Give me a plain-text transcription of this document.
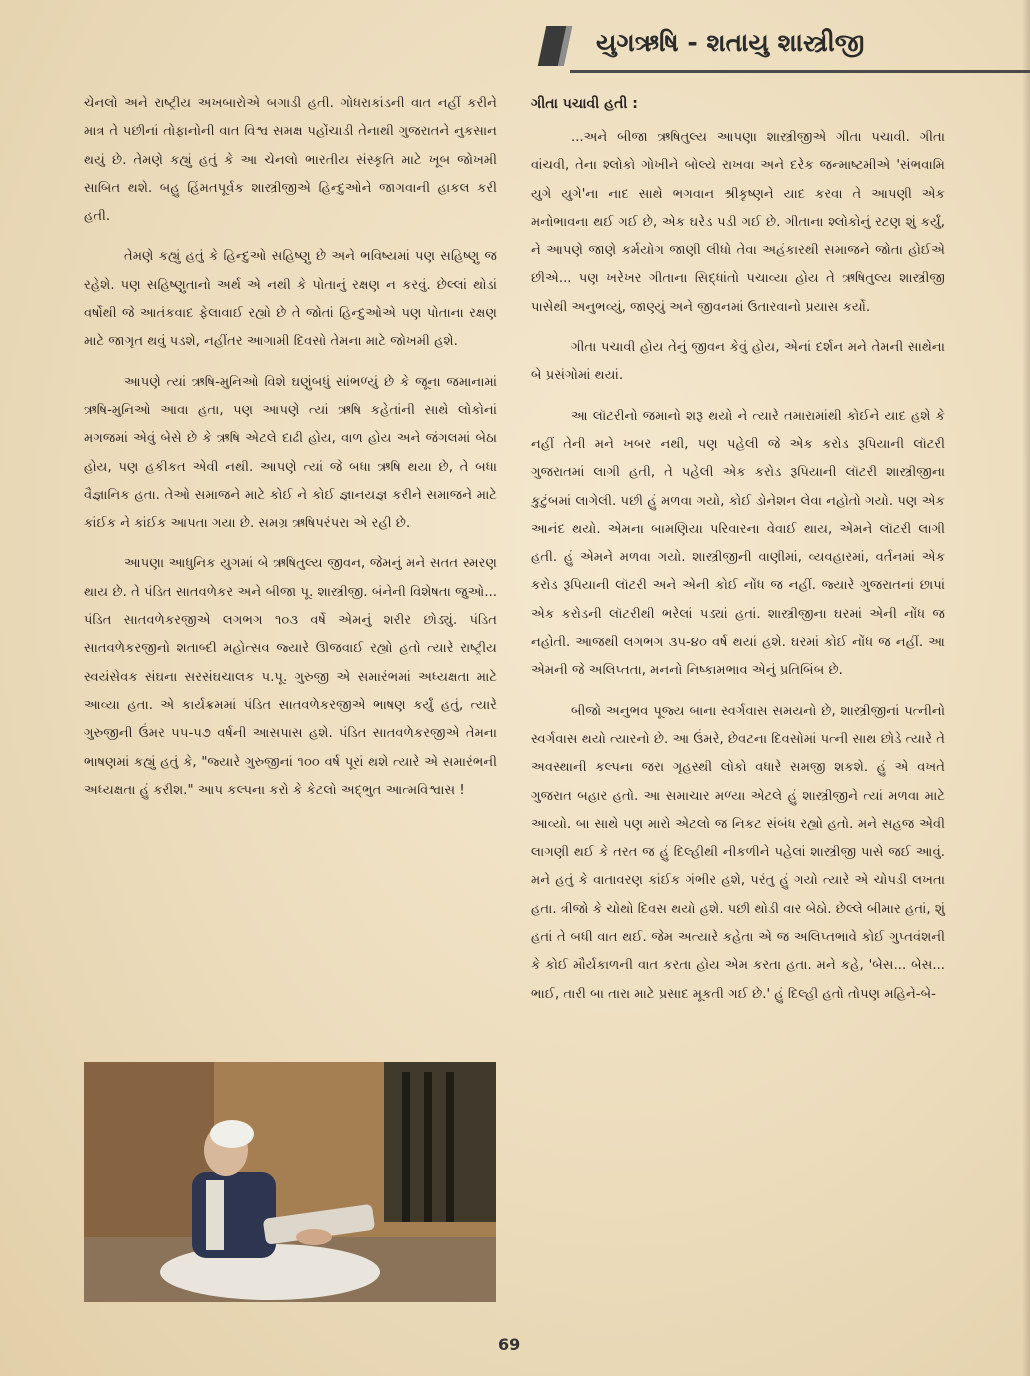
યુગઋષિ - શતાયુ શાસ્ત્રીજી

ચેનલો અને રાષ્ટ્રીય અખબારોએ બગાડી હતી. ગોધરાકાંડની વાત નહીં કરીને માત્ર તે પછીનાં તોફાનોની વાત વિશ્વ સમક્ષ પહોંચાડી તેનાથી ગુજરાતને નુકસાન થયું છે. તેમણે કહ્યું હતું કે આ ચેનલો ભારતીય સંસ્કૃતિ માટે ખૂબ જોખમી સાબિત થશે. બહુ હિંમતપૂર્વક શાસ્ત્રીજીએ હિન્દુઓને જાગવાની હાકલ કરી હતી.

તેમણે કહ્યું હતું કે હિન્દુઓ સહિષ્ણુ છે અને ભવિષ્યમાં પણ સહિષ્ણુ જ રહેશે. પણ સહિષ્ણુતાનો અર્થ એ નથી કે પોતાનું રક્ષણ ન કરવું. છેલ્લાં થોડાં વર્ષોથી જે આતંકવાદ ફેલાવાઈ રહ્યો છે તે જોતાં હિન્દુઓએ પણ પોતાના રક્ષણ માટે જાગૃત થવું પડશે, નહીંતર આગામી દિવસો તેમના માટે જોખમી હશે.

આપણે ત્યાં ઋષિ-મુનિઓ વિશે ઘણુંબધું સાંભળ્યું છે કે જૂના જમાનામાં ઋષિ-મુનિઓ આવા હતા, પણ આપણે ત્યાં ઋષિ કહેતાંની સાથે લોકોનાં મગજમાં એવું બેસે છે કે ઋષિ એટલે દાઢી હોય, વાળ હોય અને જંગલમાં બેઠા હોય, પણ હકીકત એવી નથી. આપણે ત્યાં જે બધા ઋષિ થયા છે, તે બધા વૈજ્ઞાનિક હતા. તેઓ સમાજને માટે કોઈ ને કોઈ જ્ઞાનયજ્ઞ કરીને સમાજને માટે કાંઈક ને કાંઈક આપતા ગયા છે. સમગ્ર ઋષિપરંપરા એ રહી છે.

આપણા આધુનિક યુગમાં બે ઋષિતુલ્ય જીવન, જેમનું મને સતત સ્મરણ થાય છે. તે પંડિત સાતવળેકર અને બીજા પૂ. શાસ્ત્રીજી. બંનેની વિશેષતા જુઓ... પંડિત સાતવળેકરજીએ લગભગ ૧૦૩ વર્ષે એમનું શરીર છોડ્યું. પંડિત સાતવળેકરજીનો શતાબ્દી મહોત્સવ જ્યારે ઊજવાઈ રહ્યો હતો ત્યારે રાષ્ટ્રીય સ્વયંસેવક સંઘના સરસંઘચાલક પ.પૂ. ગુરુજી એ સમારંભમાં અધ્યક્ષતા માટે આવ્યા હતા. એ કાર્યક્રમમાં પંડિત સાતવળેકરજીએ ભાષણ કર્યું હતું, ત્યારે ગુરુજીની ઉંમર ૫૫-૫૭ વર્ષની આસપાસ હશે. પંડિત સાતવળેકરજીએ તેમના ભાષણમાં કહ્યું હતું કે, "જ્યારે ગુરુજીનાં ૧૦૦ વર્ષ પૂરાં થશે ત્યારે એ સમારંભની અધ્યક્ષતા હું કરીશ." આપ કલ્પના કરો કે કેટલો અદ્ભુત આત્મવિશ્વાસ !

ગીતા પચાવી હતી :

...અને બીજા ઋષિતુલ્ય આપણા શાસ્ત્રીજીએ ગીતા પચાવી. ગીતા વાંચવી, તેના શ્લોકો ગોખીને બોલ્યે રાખવા અને દરેક જન્માષ્ટમીએ 'સંભવામિ યુગે યુગે'ના નાદ સાથે ભગવાન શ્રીકૃષ્ણને યાદ કરવા તે આપણી એક મનોભાવના થઈ ગઈ છે, એક ઘરેડ પડી ગઈ છે. ગીતાના શ્લોકોનું રટણ શું કર્યું, ને આપણે જાણે કર્મયોગ જાણી લીધો તેવા અહંકારથી સમાજને જોતા હોઈએ છીએ... પણ ખરેખર ગીતાના સિદ્ધાંતો પચાવ્યા હોય તે ઋષિતુલ્ય શાસ્ત્રીજી પાસેથી અનુભવ્યું, જાણ્યું અને જીવનમાં ઉતારવાનો પ્રયાસ કર્યો.

ગીતા પચાવી હોય તેનું જીવન કેવું હોય, એનાં દર્શન મને તેમની સાથેના બે પ્રસંગોમાં થયાં.

આ લૉટરીનો જમાનો શરૂ થયો ને ત્યારે તમારામાંથી કોઈને યાદ હશે કે નહીં તેની મને ખબર નથી, પણ પહેલી જે એક કરોડ રૂપિયાની લૉટરી ગુજરાતમાં લાગી હતી, તે પહેલી એક કરોડ રૂપિયાની લૉટરી શાસ્ત્રીજીના કુટુંબમાં લાગેલી. પછી હું મળવા ગયો, કોઈ ડોનેશન લેવા નહોતો ગયો. પણ એક આનંદ થયો. એમના બામણિયા પરિવારના વેવાઈ થાય, એમને લૉટરી લાગી હતી. હું એમને મળવા ગયો. શાસ્ત્રીજીની વાણીમાં, વ્યવહારમાં, વર્તનમાં એક કરોડ રૂપિયાની લૉટરી અને એની કોઈ નોંધ જ નહીં. જ્યારે ગુજરાતનાં છાપાં એક કરોડની લૉટરીથી ભરેલાં પડ્યાં હતાં. શાસ્ત્રીજીના ઘરમાં એની નોંધ જ નહોતી. આજથી લગભગ ૩૫-૪૦ વર્ષ થયાં હશે. ઘરમાં કોઈ નોંધ જ નહીં. આ એમની જે અલિપ્તતા, મનનો નિષ્કામભાવ એનું પ્રતિબિંબ છે.

બીજો અનુભવ પૂજ્ય બાના સ્વર્ગવાસ સમયનો છે, શાસ્ત્રીજીનાં પત્નીનો સ્વર્ગવાસ થયો ત્યારનો છે. આ ઉંમરે, છેવટના દિવસોમાં પત્ની સાથ છોડે ત્યારે તે અવસ્થાની કલ્પના જરા ગૃહસ્થી લોકો વધારે સમજી શકશે. હું એ વખતે ગુજરાત બહાર હતો. આ સમાચાર મળ્યા એટલે હું શાસ્ત્રીજીને ત્યાં મળવા માટે આવ્યો. બા સાથે પણ મારો એટલો જ નિકટ સંબંધ રહ્યો હતો. મને સહજ એવી લાગણી થઈ કે તરત જ હું દિલ્હીથી નીકળીને પહેલાં શાસ્ત્રીજી પાસે જઈ આવું. મને હતું કે વાતાવરણ કાંઈક ગંભીર હશે, પરંતુ હું ગયો ત્યારે એ ચોપડી લખતા હતા. ત્રીજો કે ચોથો દિવસ થયો હશે. પછી થોડી વાર બેઠો. છેલ્લે બીમાર હતાં, શું હતાં તે બધી વાત થઈ. જેમ અત્યારે કહેતા એ જ અલિપ્તભાવે કોઈ ગુપ્તવંશની કે કોઈ મૌર્યકાળની વાત કરતા હોય એમ કરતા હતા. મને કહે, 'બેસ... બેસ... ભાઈ, તારી બા તારા માટે પ્રસાદ મૂકતી ગઈ છે.' હું દિલ્હી હતો તોપણ મહિને-બે-

69
